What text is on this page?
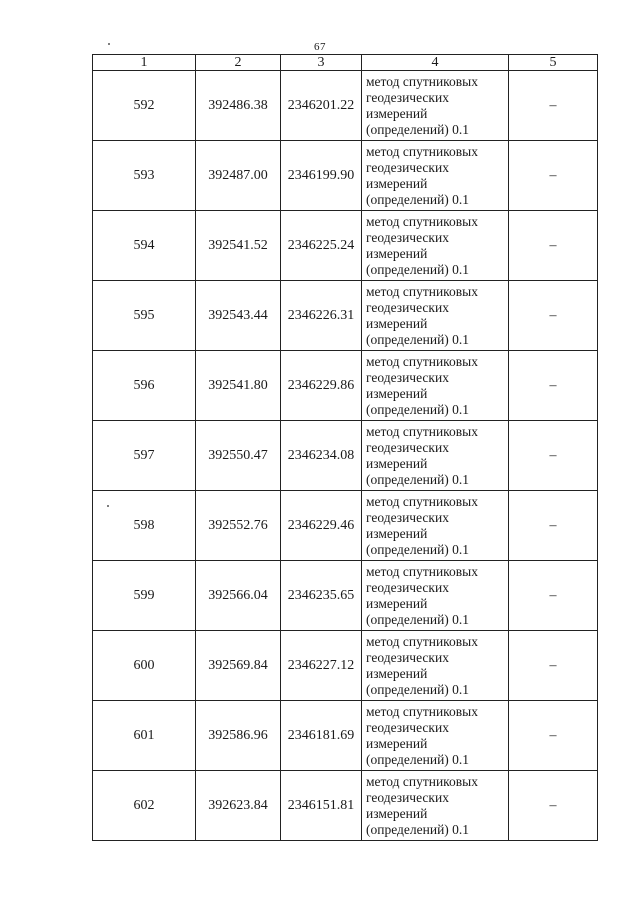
67
1	2	3	4	5
592	392486.38	2346201.22	метод спутниковых
геодезических
измерений
(определений) 0.1	–
593	392487.00	2346199.90	метод спутниковых
геодезических
измерений
(определений) 0.1	–
594	392541.52	2346225.24	метод спутниковых
геодезических
измерений
(определений) 0.1	–
595	392543.44	2346226.31	метод спутниковых
геодезических
измерений
(определений) 0.1	–
596	392541.80	2346229.86	метод спутниковых
геодезических
измерений
(определений) 0.1	–
597	392550.47	2346234.08	метод спутниковых
геодезических
измерений
(определений) 0.1	–
598	392552.76	2346229.46	метод спутниковых
геодезических
измерений
(определений) 0.1	–
599	392566.04	2346235.65	метод спутниковых
геодезических
измерений
(определений) 0.1	–
600	392569.84	2346227.12	метод спутниковых
геодезических
измерений
(определений) 0.1	–
601	392586.96	2346181.69	метод спутниковых
геодезических
измерений
(определений) 0.1	–
602	392623.84	2346151.81	метод спутниковых
геодезических
измерений
(определений) 0.1	–
